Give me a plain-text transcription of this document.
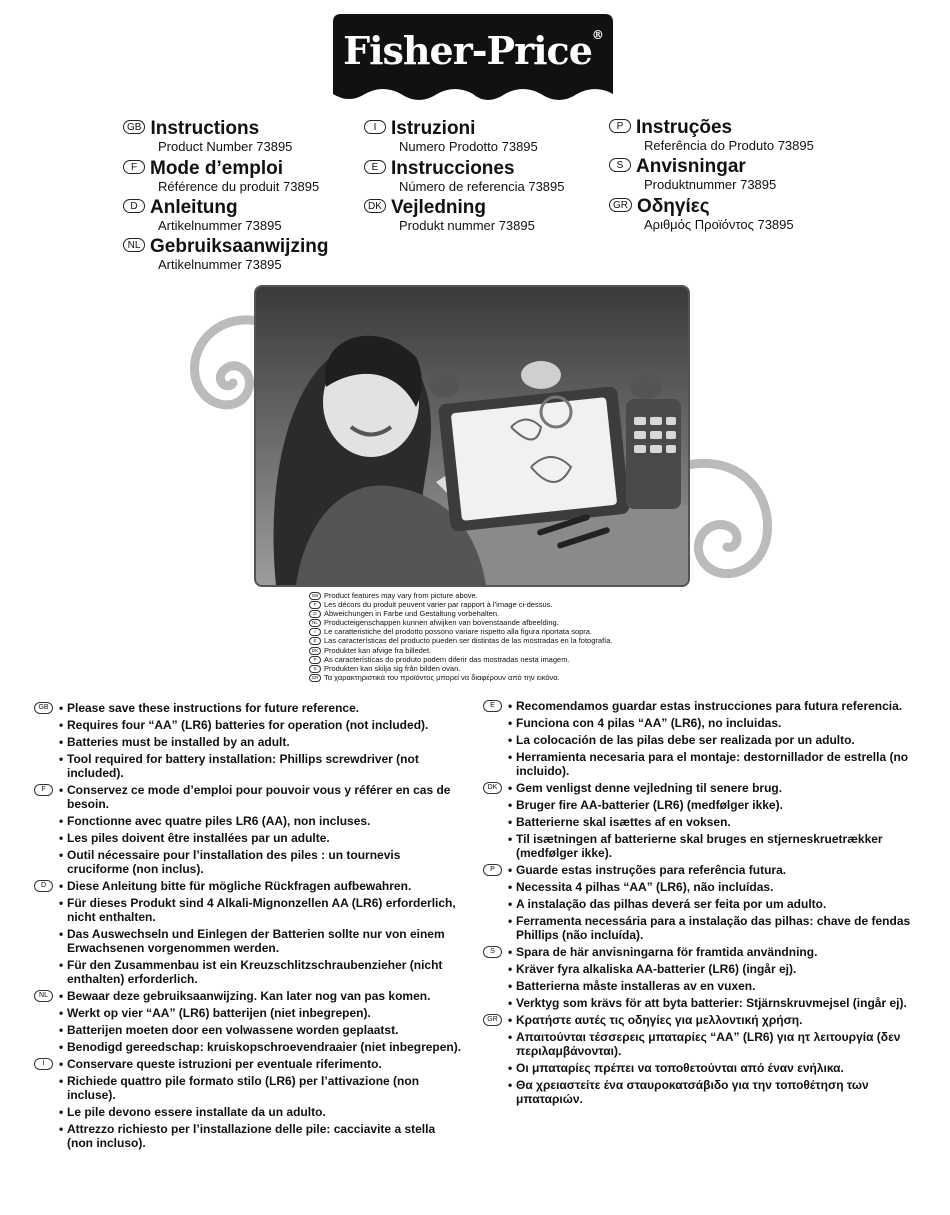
Fisher-Price®
GB Instructions
Product Number 73895
F Mode d’emploi
Référence du produit 73895
D Anleitung
Artikelnummer 73895
NL Gebruiksaanwijzing
Artikelnummer 73895
I Istruzioni
Numero Prodotto 73895
E Instrucciones
Número de referencia 73895
DK Vejledning
Produkt nummer 73895
P Instruções
Referência do Produto 73895
S Anvisningar
Produktnummer 73895
GR Οδηγίες
Αριθμός Προϊόντος 73895
GB Product features may vary from picture above.
F Les décors du produit peuvent varier par rapport à l’image ci-dessus.
D Abweichungen in Farbe und Gestaltung vorbehalten.
NL Producteigenschappen kunnen afwijken van bovenstaande afbeelding.
I Le caratteristiche del prodotto possono variare rispetto alla figura riportata sopra.
E Las características del producto pueden ser distintas de las mostradas en la fotografía.
DK Produktet kan afvige fra billedet.
P As características do produto podem diferir das mostradas nesta imagem.
S Produkten kan skilja sig från bilden ovan.
GR Τα χαρακτηριστικά του προϊόντος μπορεί να διαφέρουν από την εικόνα.
GB	• Please save these instructions for future reference.
• Requires four “AA” (LR6) batteries for operation (not included).
• Batteries must be installed by an adult.
• Tool required for battery installation: Phillips screwdriver (not included).
F	• Conservez ce mode d’emploi pour pouvoir vous y référer en cas de besoin.
• Fonctionne avec quatre piles LR6 (AA), non incluses.
• Les piles doivent être installées par un adulte.
• Outil nécessaire pour l’installation des piles : un tournevis cruciforme (non inclus).
D	• Diese Anleitung bitte für mögliche Rückfragen aufbewahren.
• Für dieses Produkt sind 4 Alkali-Mignonzellen AA (LR6) erforderlich, nicht enthalten.
• Das Auswechseln und Einlegen der Batterien sollte nur von einem Erwachsenen vorgenommen werden.
• Für den Zusammenbau ist ein Kreuzschlitzschraubenzieher (nicht enthalten) erforderlich.
NL	• Bewaar deze gebruiksaanwijzing. Kan later nog van pas komen.
• Werkt op vier “AA” (LR6) batterijen (niet inbegrepen).
• Batterijen moeten door een volwassene worden geplaatst.
• Benodigd gereedschap: kruiskopschroevendraaier (niet inbegrepen).
I	• Conservare queste istruzioni per eventuale riferimento.
• Richiede quattro pile formato stilo (LR6) per l’attivazione (non incluse).
• Le pile devono essere installate da un adulto.
• Attrezzo richiesto per l’installazione delle pile: cacciavite a stella (non incluso).
E	• Recomendamos guardar estas instrucciones para futura referencia.
• Funciona con 4 pilas “AA” (LR6), no incluidas.
• La colocación de las pilas debe ser realizada por un adulto.
• Herramienta necesaria para el montaje: destornillador de estrella (no incluido).
DK	• Gem venligst denne vejledning til senere brug.
• Bruger fire AA-batterier (LR6) (medfølger ikke).
• Batterierne skal isættes af en voksen.
• Til isætningen af batterierne skal bruges en stjerneskruetrækker (medfølger ikke).
P	• Guarde estas instruções para referência futura.
• Necessita 4 pilhas “AA” (LR6), não incluídas.
• A instalação das pilhas deverá ser feita por um adulto.
• Ferramenta necessária para a instalação das pilhas: chave de fendas Phillips (não incluída).
S	• Spara de här anvisningarna för framtida användning.
• Kräver fyra alkaliska AA-batterier (LR6) (ingår ej).
• Batterierna måste installeras av en vuxen.
• Verktyg som krävs för att byta batterier: Stjärnskruvmejsel (ingår ej).
GR	• Κρατήστε αυτές τις οδηγίες για μελλοντική χρήση.
• Απαιτούνται τέσσερεις μπαταρίες “AA” (LR6) για ητ λειτουργία (δεν περιλαμβάνονται).
• Οι μπαταρίες πρέπει να τοποθετούνται από έναν ενήλικα.
• Θα χρειαστείτε ένα σταυροκατσάβιδο για την τοποθέτηση των μπαταριών.
